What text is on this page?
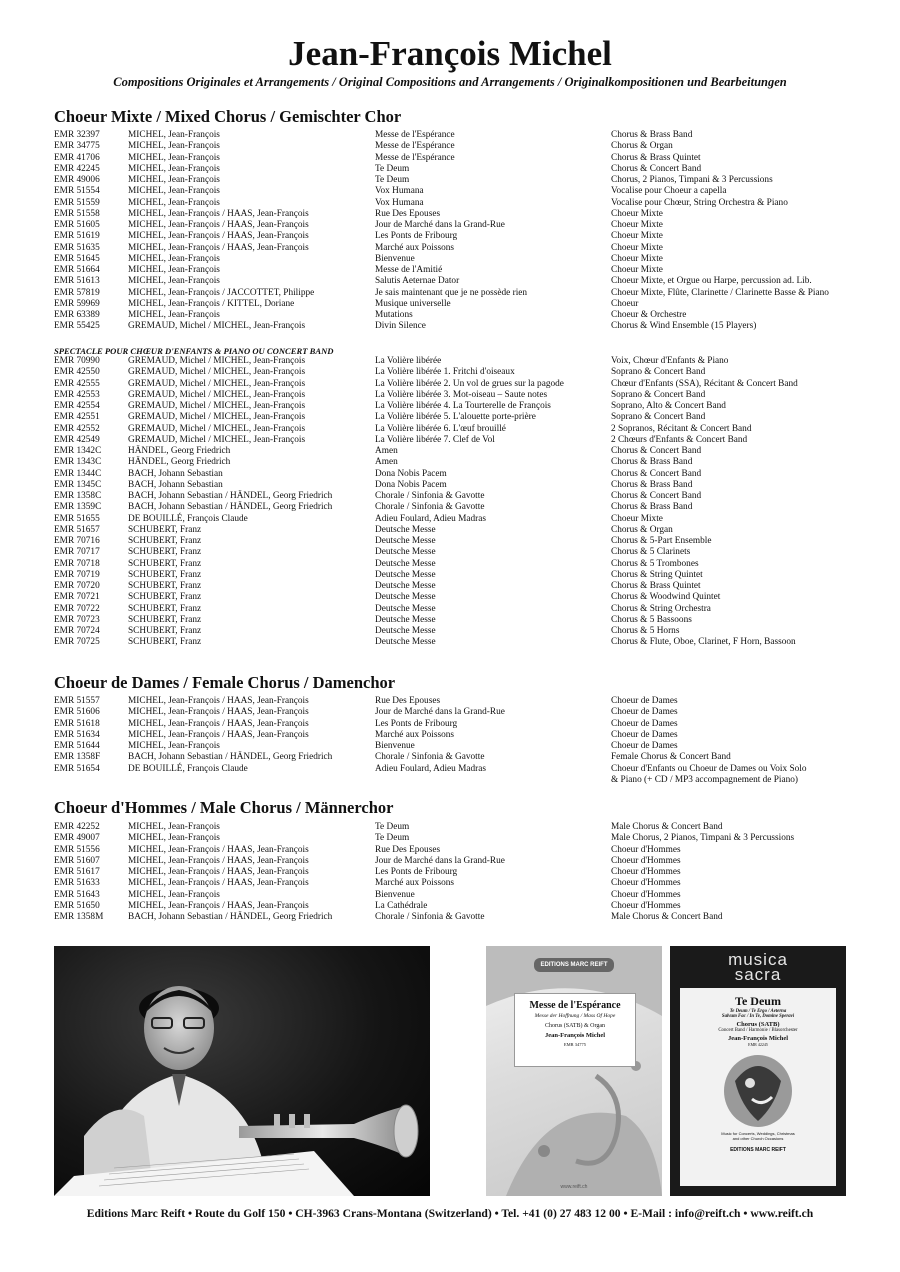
Jean-François Michel
Compositions Originales et Arrangements / Original Compositions and Arrangements / Originalkompositionen und Bearbeitungen
Choeur Mixte / Mixed Chorus / Gemischter Chor
EMR 32397	MICHEL, Jean-François	Messe de l'Espérance	Chorus & Brass Band
EMR 34775	MICHEL, Jean-François	Messe de l'Espérance	Chorus & Organ
EMR 41706	MICHEL, Jean-François	Messe de l'Espérance	Chorus & Brass Quintet
EMR 42245	MICHEL, Jean-François	Te Deum	Chorus & Concert Band
EMR 49006	MICHEL, Jean-François	Te Deum	Chorus, 2 Pianos, Timpani & 3 Percussions
EMR 51554	MICHEL, Jean-François	Vox Humana	Vocalise pour Choeur a capella
EMR 51559	MICHEL, Jean-François	Vox Humana	Vocalise pour Chœur, String Orchestra & Piano
EMR 51558	MICHEL, Jean-François / HAAS, Jean-François	Rue Des Epouses	Choeur Mixte
EMR 51605	MICHEL, Jean-François / HAAS, Jean-François	Jour de Marché dans la Grand-Rue	Choeur Mixte
EMR 51619	MICHEL, Jean-François / HAAS, Jean-François	Les Ponts de Fribourg	Choeur Mixte
EMR 51635	MICHEL, Jean-François / HAAS, Jean-François	Marché aux Poissons	Choeur Mixte
EMR 51645	MICHEL, Jean-François	Bienvenue	Choeur Mixte
EMR 51664	MICHEL, Jean-François	Messe de l'Amitié	Choeur Mixte
EMR 51613	MICHEL, Jean-François	Salutis Aeternae Dator	Choeur Mixte, et Orgue ou Harpe, percussion ad. Lib.
EMR 57819	MICHEL, Jean-François / JACCOTTET, Philippe	Je sais maintenant que je ne possède rien	Choeur Mixte, Flûte, Clarinette / Clarinette Basse & Piano
EMR 59969	MICHEL, Jean-François / KITTEL, Doriane	Musique universelle	Choeur
EMR 63389	MICHEL, Jean-François	Mutations	Choeur & Orchestre
EMR 55425	GREMAUD, Michel / MICHEL, Jean-François	Divin Silence	Chorus & Wind Ensemble (15 Players)
SPECTACLE POUR CHŒUR D'ENFANTS & PIANO OU CONCERT BAND
EMR 70990	GREMAUD, Michel / MICHEL, Jean-François	La Volière libérée	Voix, Chœur d'Enfants & Piano
EMR 42550	GREMAUD, Michel / MICHEL, Jean-François	La Volière libérée 1. Fritchi d'oiseaux	Soprano & Concert Band
EMR 42555	GREMAUD, Michel / MICHEL, Jean-François	La Volière libérée 2. Un vol de grues sur la pagode	Chœur d'Enfants (SSA), Récitant & Concert Band
EMR 42553	GREMAUD, Michel / MICHEL, Jean-François	La Volière libérée 3. Mot-oiseau – Saute notes	Soprano & Concert Band
EMR 42554	GREMAUD, Michel / MICHEL, Jean-François	La Volière libérée 4. La Tourterelle de François	Soprano, Alto & Concert Band
EMR 42551	GREMAUD, Michel / MICHEL, Jean-François	La Volière libérée 5. L'alouette porte-prière	Soprano & Concert Band
EMR 42552	GREMAUD, Michel / MICHEL, Jean-François	La Volière libérée 6. L'œuf brouillé	2 Sopranos, Récitant & Concert Band
EMR 42549	GREMAUD, Michel / MICHEL, Jean-François	La Volière libérée 7. Clef de Vol	2 Chœurs d'Enfants & Concert Band
EMR 1342C	HÄNDEL, Georg Friedrich	Amen	Chorus & Concert Band
EMR 1343C	HÄNDEL, Georg Friedrich	Amen	Chorus & Brass Band
EMR 1344C	BACH, Johann Sebastian	Dona Nobis Pacem	Chorus & Concert Band
EMR 1345C	BACH, Johann Sebastian	Dona Nobis Pacem	Chorus & Brass Band
EMR 1358C	BACH, Johann Sebastian / HÄNDEL, Georg Friedrich	Chorale / Sinfonia & Gavotte	Chorus & Concert Band
EMR 1359C	BACH, Johann Sebastian / HÄNDEL, Georg Friedrich	Chorale / Sinfonia & Gavotte	Chorus & Brass Band
EMR 51655	DE BOUILLÉ, François Claude	Adieu Foulard, Adieu Madras	Choeur Mixte
EMR 51657	SCHUBERT, Franz	Deutsche Messe	Chorus & Organ
EMR 70716	SCHUBERT, Franz	Deutsche Messe	Chorus & 5-Part Ensemble
EMR 70717	SCHUBERT, Franz	Deutsche Messe	Chorus & 5 Clarinets
EMR 70718	SCHUBERT, Franz	Deutsche Messe	Chorus & 5 Trombones
EMR 70719	SCHUBERT, Franz	Deutsche Messe	Chorus & String Quintet
EMR 70720	SCHUBERT, Franz	Deutsche Messe	Chorus & Brass Quintet
EMR 70721	SCHUBERT, Franz	Deutsche Messe	Chorus & Woodwind Quintet
EMR 70722	SCHUBERT, Franz	Deutsche Messe	Chorus & String Orchestra
EMR 70723	SCHUBERT, Franz	Deutsche Messe	Chorus & 5 Bassoons
EMR 70724	SCHUBERT, Franz	Deutsche Messe	Chorus & 5 Horns
EMR 70725	SCHUBERT, Franz	Deutsche Messe	Chorus & Flute, Oboe, Clarinet, F Horn, Bassoon
Choeur de Dames / Female Chorus / Damenchor
EMR 51557	MICHEL, Jean-François / HAAS, Jean-François	Rue Des Epouses	Choeur de Dames
EMR 51606	MICHEL, Jean-François / HAAS, Jean-François	Jour de Marché dans la Grand-Rue	Choeur de Dames
EMR 51618	MICHEL, Jean-François / HAAS, Jean-François	Les Ponts de Fribourg	Choeur de Dames
EMR 51634	MICHEL, Jean-François / HAAS, Jean-François	Marché aux Poissons	Choeur de Dames
EMR 51644	MICHEL, Jean-François	Bienvenue	Choeur de Dames
EMR 1358F	BACH, Johann Sebastian / HÄNDEL, Georg Friedrich	Chorale / Sinfonia & Gavotte	Female Chorus & Concert Band
EMR 51654	DE BOUILLÉ, François Claude	Adieu Foulard, Adieu Madras	Choeur d'Enfants ou Choeur de Dames ou Voix Solo
& Piano (+ CD / MP3 accompagnement de Piano)
Choeur d'Hommes / Male Chorus / Männerchor
EMR 42252	MICHEL, Jean-François	Te Deum	Male Chorus & Concert Band
EMR 49007	MICHEL, Jean-François	Te Deum	Male Chorus, 2 Pianos, Timpani & 3 Percussions
EMR 51556	MICHEL, Jean-François / HAAS, Jean-François	Rue Des Epouses	Choeur d'Hommes
EMR 51607	MICHEL, Jean-François / HAAS, Jean-François	Jour de Marché dans la Grand-Rue	Choeur d'Hommes
EMR 51617	MICHEL, Jean-François / HAAS, Jean-François	Les Ponts de Fribourg	Choeur d'Hommes
EMR 51633	MICHEL, Jean-François / HAAS, Jean-François	Marché aux Poissons	Choeur d'Hommes
EMR 51643	MICHEL, Jean-François	Bienvenue	Choeur d'Hommes
EMR 51650	MICHEL, Jean-François / HAAS, Jean-François	La Cathédrale	Choeur d'Hommes
EMR 1358M	BACH, Johann Sebastian / HÄNDEL, Georg Friedrich	Chorale / Sinfonia & Gavotte	Male Chorus & Concert Band
EDITIONS MARC REIFT
Messe de l'Espérance
Messe der Hoffnung / Mass Of Hope
Chorus (SATB) & Organ
Jean-François Michel
EMR 34775
www.reift.ch
musica
sacra
Te Deum
Te Deum / Te Ergo / Aeterna
Salvum Fac / In Te, Domine Speravi
Chorus (SATB)
Concert Band / Harmonie / Blasorchester
Jean-François Michel
EMR 42245
Music for Concerts, Weddings, Christmas
and other Church Occasions
EDITIONS MARC REIFT
Editions Marc Reift • Route du Golf 150 • CH-3963 Crans-Montana (Switzerland) • Tel. +41 (0) 27 483 12 00 • E-Mail : info@reift.ch • www.reift.ch
